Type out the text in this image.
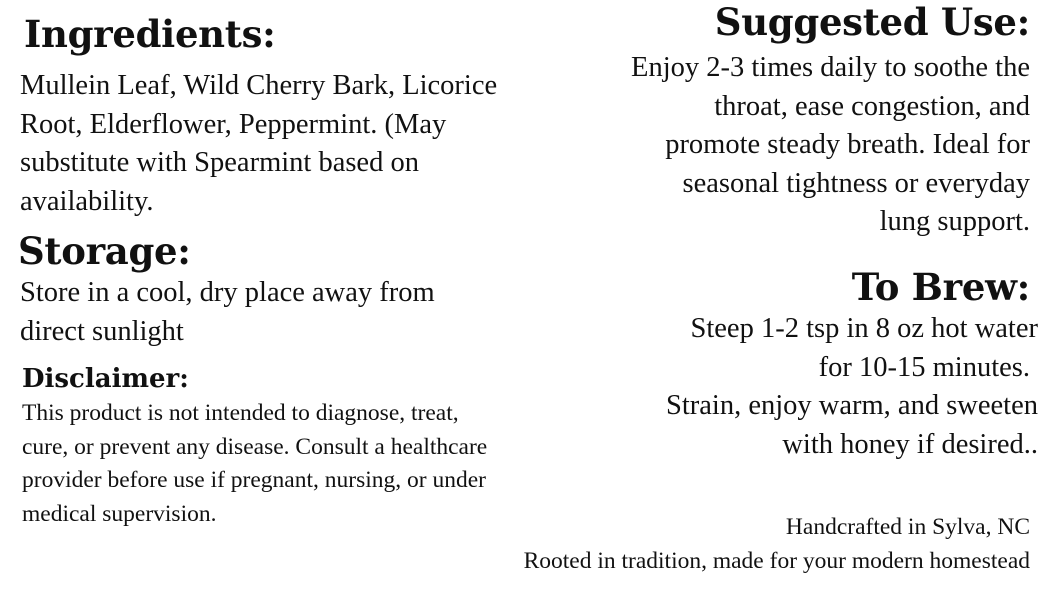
Ingredients:
Mullein Leaf, Wild Cherry Bark, Licorice
Root, Elderflower, Peppermint. (May
substitute with Spearmint based on
availability.
Storage:
Store in a cool, dry place away from
direct sunlight
Disclaimer:
This product is not intended to diagnose, treat,
cure, or prevent any disease. Consult a healthcare
provider before use if pregnant, nursing, or under
medical supervision.
Suggested Use:
Enjoy 2-3 times daily to soothe the
throat, ease congestion, and
promote steady breath. Ideal for
seasonal tightness or everyday
lung support.
To Brew:
Steep 1-2 tsp in 8 oz hot water
for 10-15 minutes.
Strain, enjoy warm, and sweeten
with honey if desired..
Handcrafted in Sylva, NC
Rooted in tradition, made for your modern homestead
